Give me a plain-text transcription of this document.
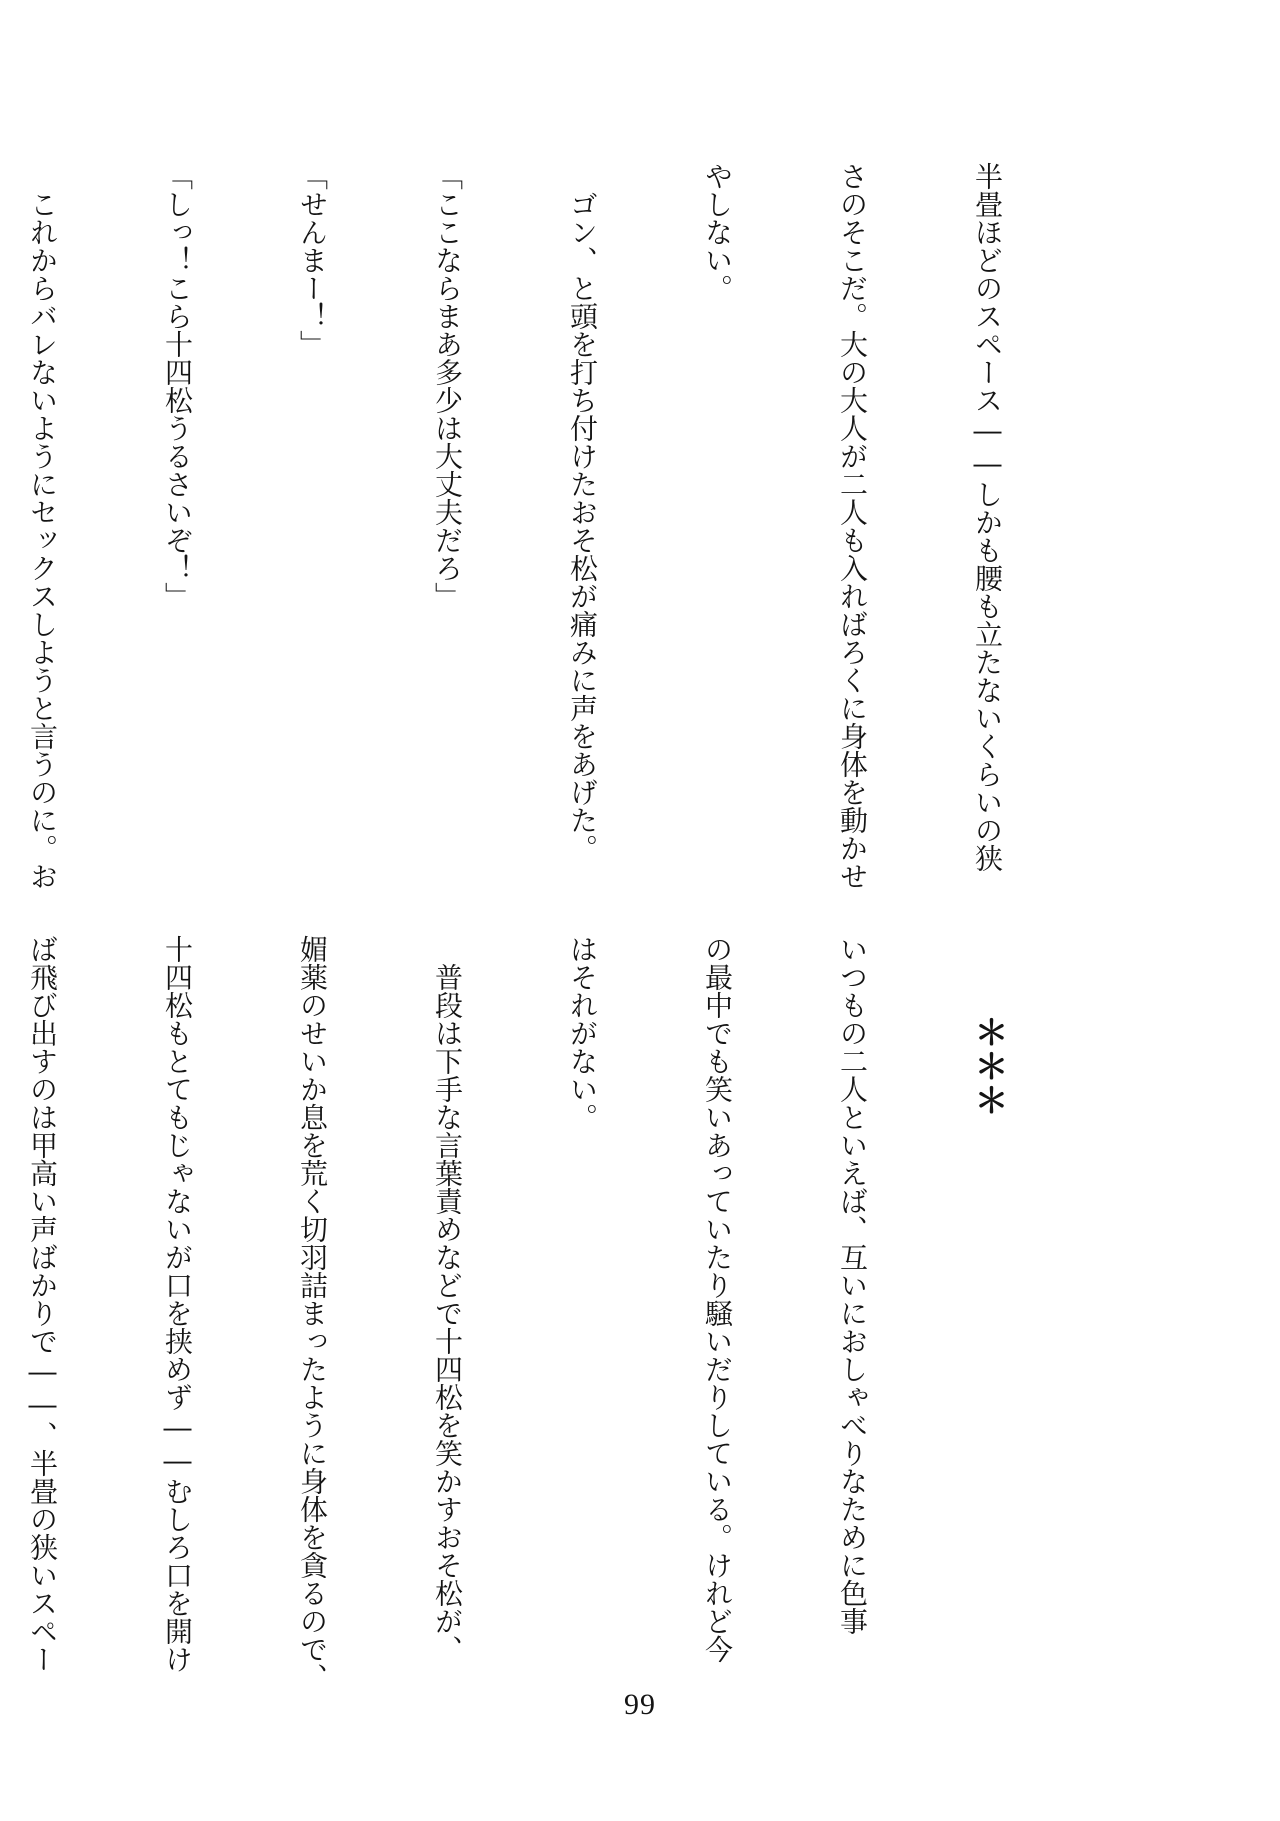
半畳ほどのスペース――しかも腰も立たないくらいの狭

さのそこだ。大の大人が二人も入ればろくに身体を動かせ

やしない。

　ゴン、と頭を打ち付けたおそ松が痛みに声をあげた。

「ここならまあ多少は大丈夫だろ」

「せんまー！」

「しっ！こら十四松うるさいぞ！」

　これからバレないようにセックスしようと言うのに。お

＊＊＊

いつもの二人といえば、互いにおしゃべりなために色事

の最中でも笑いあっていたり騒いだりしている。けれど今

はそれがない。

　普段は下手な言葉責めなどで十四松を笑かすおそ松が、

媚薬のせいか息を荒く切羽詰まったように身体を貪るので、

十四松もとてもじゃないが口を挟めず――むしろ口を開け

ば飛び出すのは甲高い声ばかりで――、半畳の狭いスペー

99
